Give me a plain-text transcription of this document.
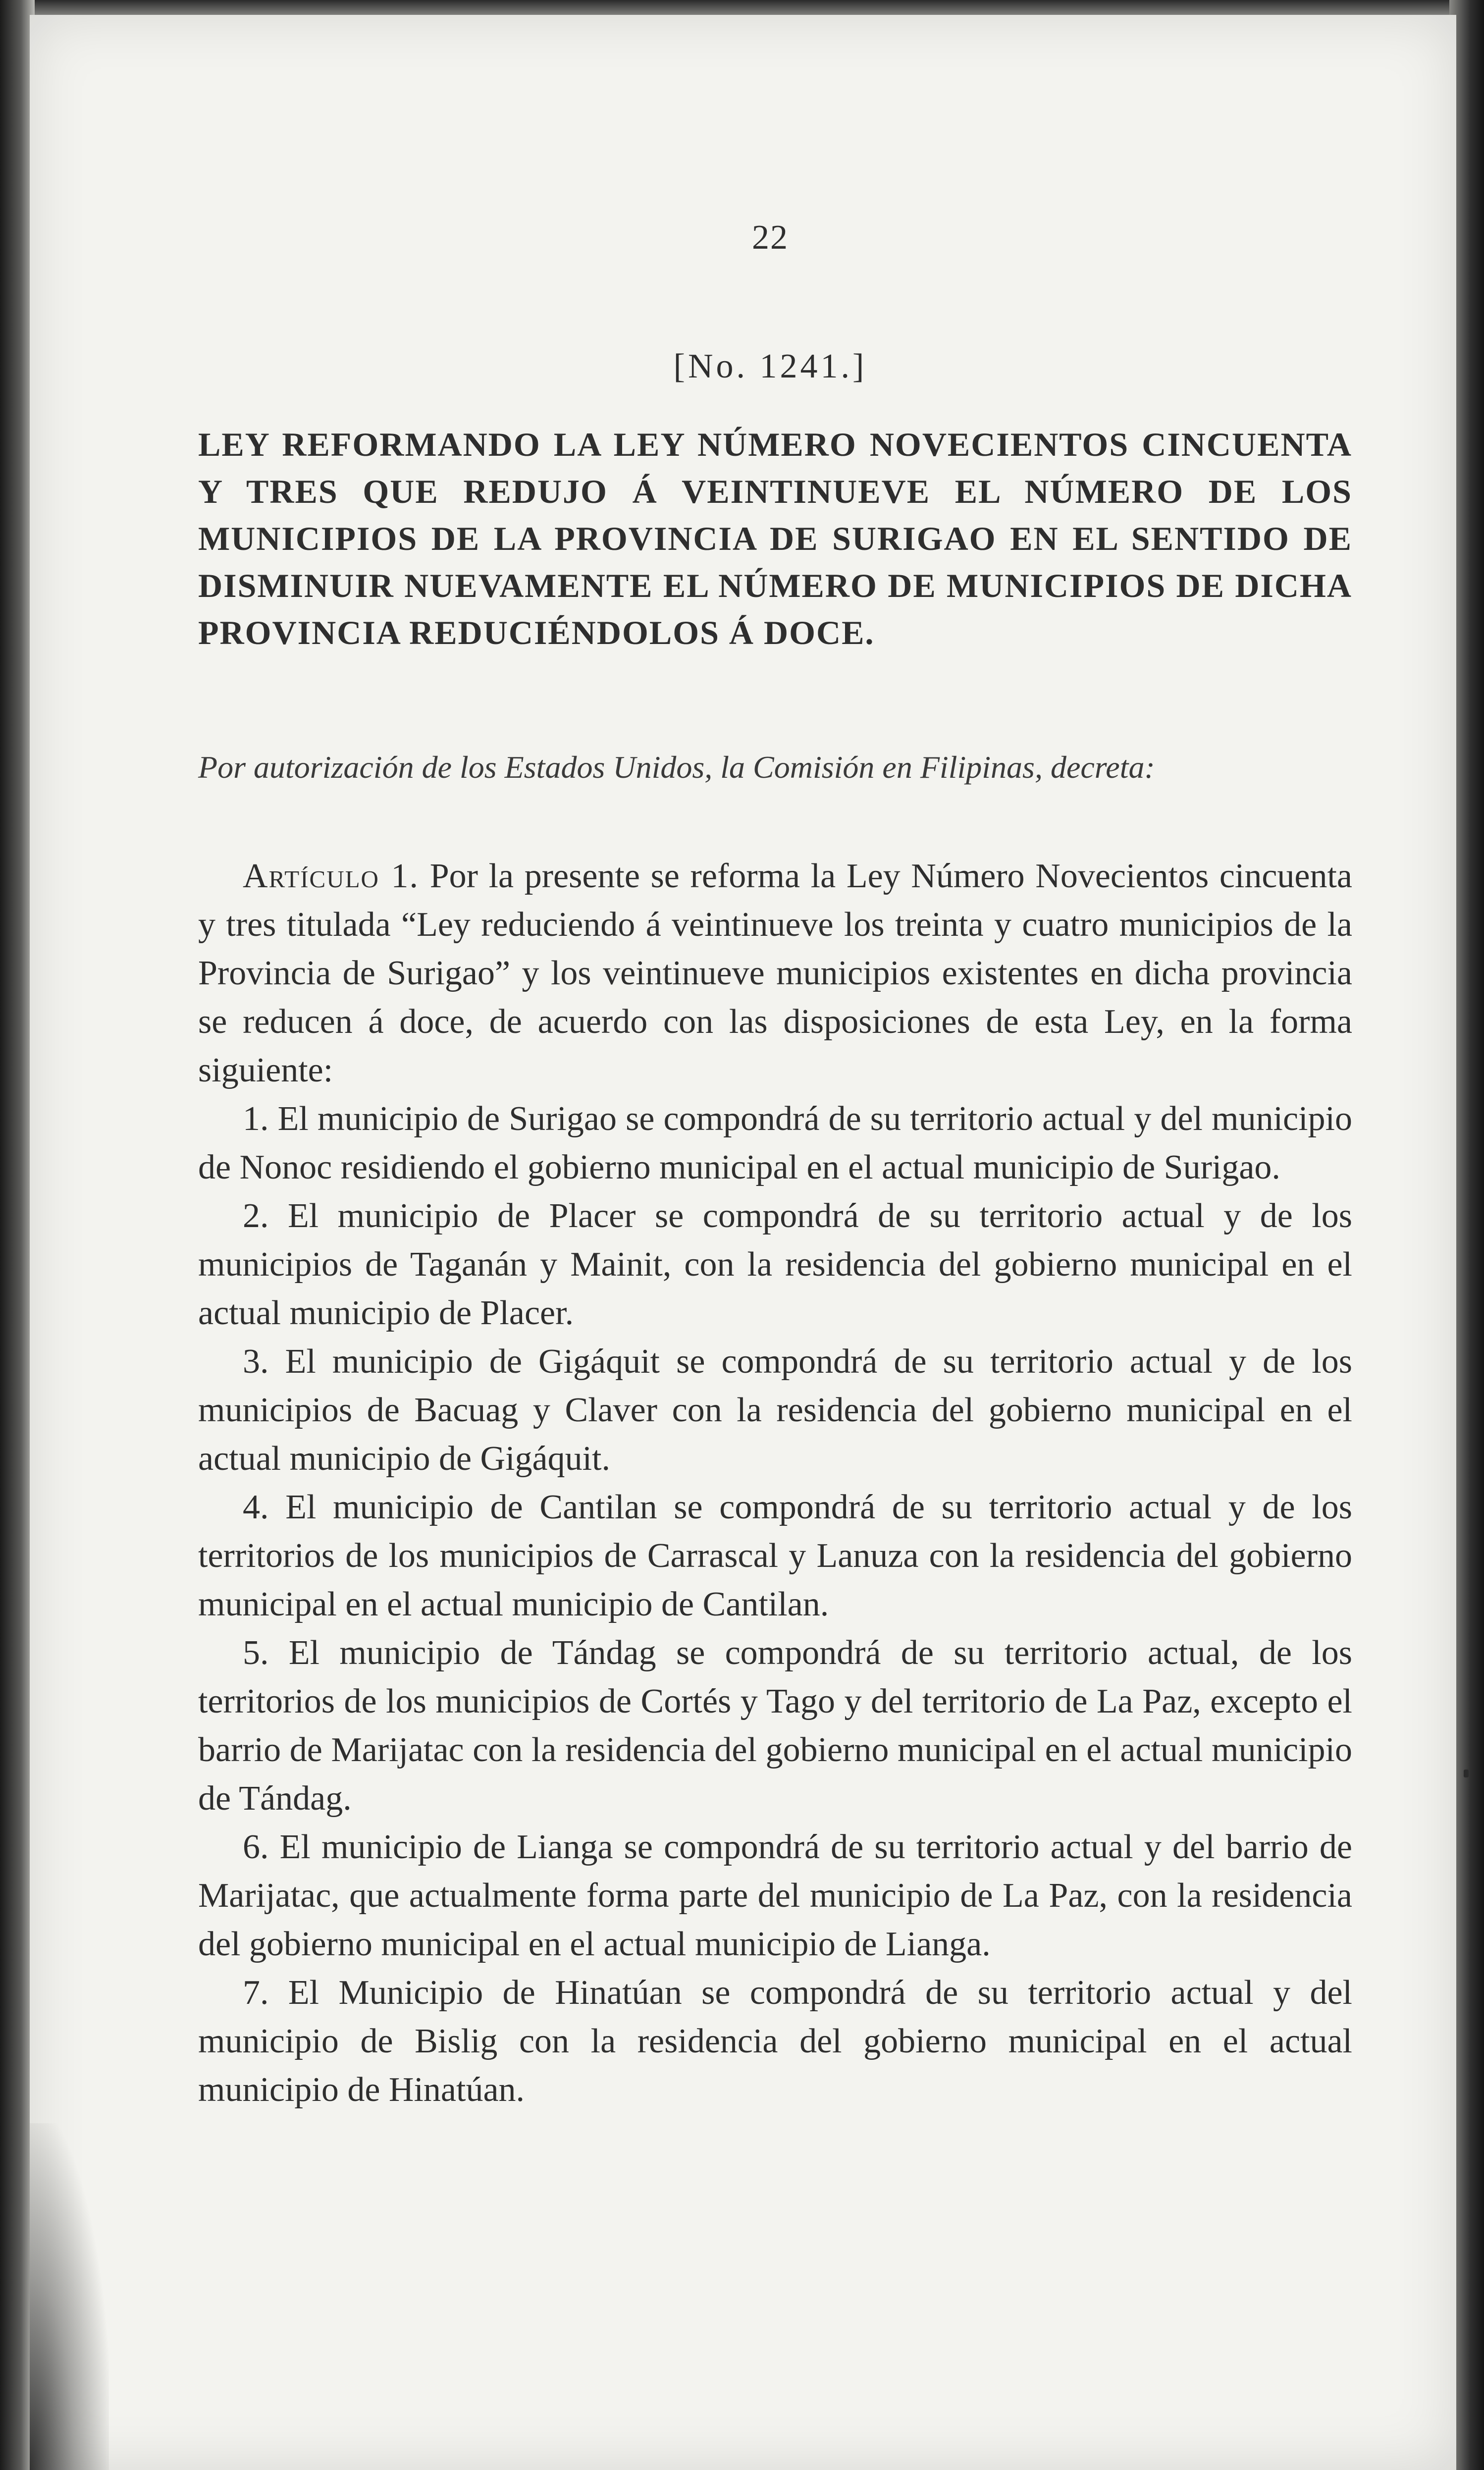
22
[No. 1241.]
LEY REFORMANDO LA LEY NÚMERO NOVECIENTOS CINCUENTA Y TRES QUE REDUJO Á VEINTINUEVE EL NÚMERO DE LOS MUNICIPIOS DE LA PROVINCIA DE SURIGAO EN EL SENTIDO DE DISMINUIR NUEVAMENTE EL NÚMERO DE MUNICIPIOS DE DICHA PROVINCIA REDUCIÉNDOLOS Á DOCE.
Por autorización de los Estados Unidos, la Comisión en Filipinas, decreta:

Artículo 1. Por la presente se reforma la Ley Número Novecientos cincuenta y tres titulada “Ley reduciendo á veintinueve los treinta y cuatro municipios de la Provincia de Surigao” y los veintinueve municipios existentes en dicha provincia se reducen á doce, de acuerdo con las disposiciones de esta Ley, en la forma siguiente:

1. El municipio de Surigao se compondrá de su territorio actual y del municipio de Nonoc residiendo el gobierno municipal en el actual municipio de Surigao.

2. El municipio de Placer se compondrá de su territorio actual y de los municipios de Taganán y Mainit, con la residencia del gobierno municipal en el actual municipio de Placer.

3. El municipio de Gigáquit se compondrá de su territorio actual y de los municipios de Bacuag y Claver con la residencia del gobierno municipal en el actual municipio de Gigáquit.

4. El municipio de Cantilan se compondrá de su territorio actual y de los territorios de los municipios de Carrascal y Lanuza con la residencia del gobierno municipal en el actual municipio de Cantilan.

5. El municipio de Tándag se compondrá de su territorio actual, de los territorios de los municipios de Cortés y Tago y del territorio de La Paz, excepto el barrio de Marijatac con la residencia del gobierno municipal en el actual municipio de Tándag.

6. El municipio de Lianga se compondrá de su territorio actual y del barrio de Marijatac, que actualmente forma parte del municipio de La Paz, con la residencia del gobierno municipal en el actual municipio de Lianga.

7. El Municipio de Hinatúan se compondrá de su territorio actual y del municipio de Bislig con la residencia del gobierno municipal en el actual municipio de Hinatúan.
